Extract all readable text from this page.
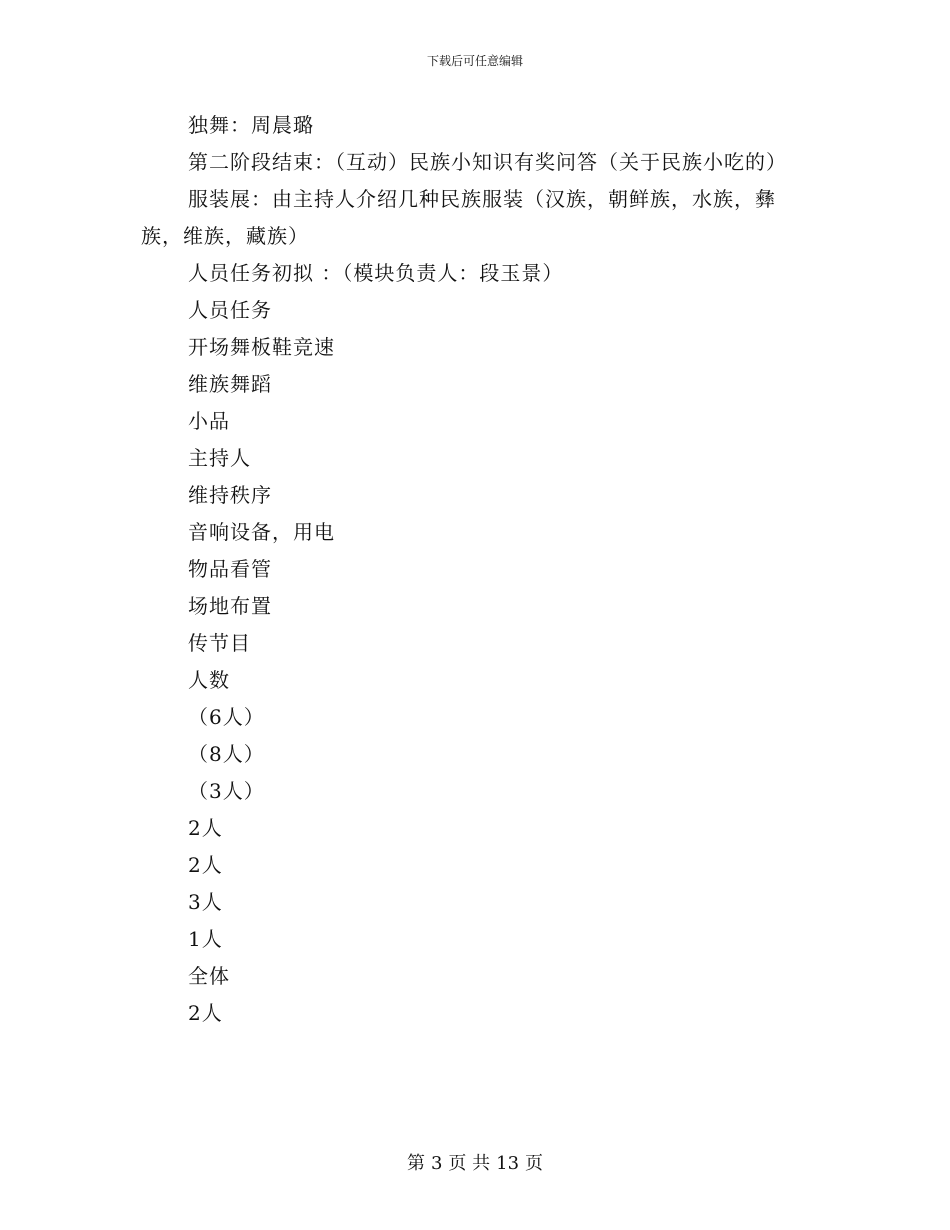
下载后可任意编辑
独舞：周晨璐
第二阶段结束：（互动）民族小知识有奖问答（关于民族小吃的）
服装展：由主持人介绍几种民族服装（汉族，朝鲜族，水族，彝族，维族，藏族）
人员任务初拟 ：（模块负责人：段玉景）
人员任务
开场舞板鞋竞速
维族舞蹈
小品
主持人
维持秩序
音响设备，用电
物品看管
场地布置
传节目
人数
（6人）
（8人）
（3人）
2人
2人
3人
1人
全体
2人
第 3 页 共 13 页
